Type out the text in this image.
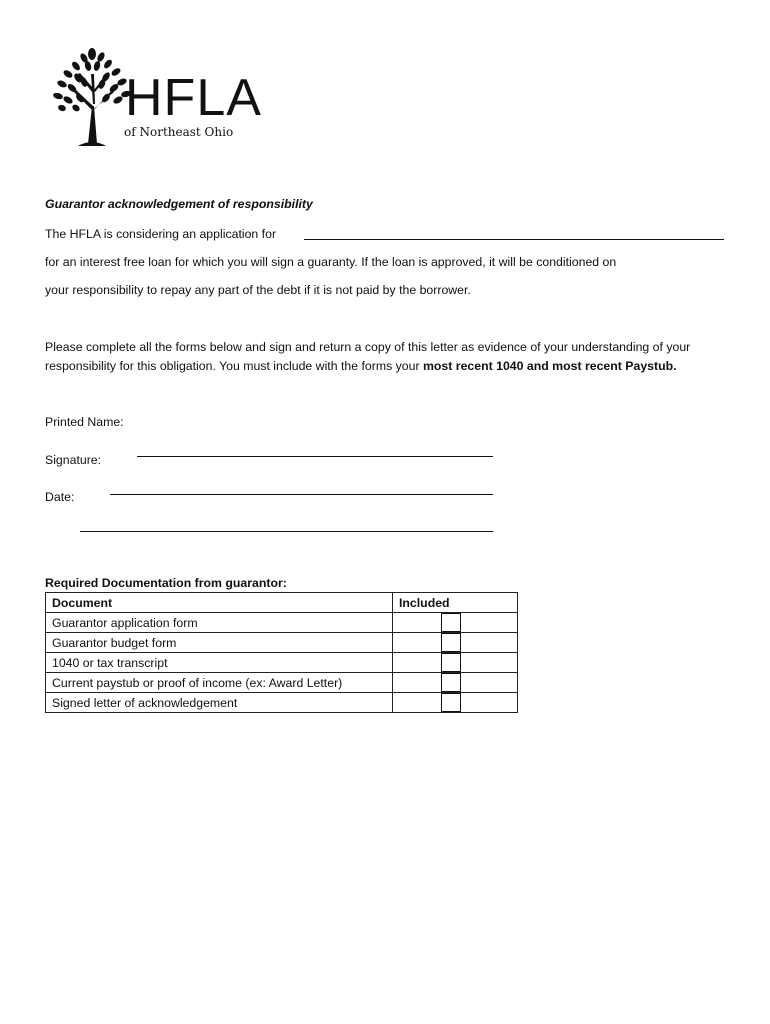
HFLA
of Northeast Ohio
Guarantor acknowledgement of responsibility
The HFLA is considering an application for
for an interest free loan for which you will sign a guaranty. If the loan is approved, it will be conditioned on
your responsibility to repay any part of the debt if it is not paid by the borrower.
Please complete all the forms below and sign and return a copy of this letter as evidence of your understanding of your responsibility for this obligation. You must include with the forms your most recent 1040 and most recent Paystub.
Printed Name:
Signature:
Date:
Required Documentation from guarantor:
Document	Included
Guarantor application form	

Guarantor budget form	

1040 or tax transcript	

Current paystub or proof of income (ex: Award Letter)	

Signed letter of acknowledgement	
